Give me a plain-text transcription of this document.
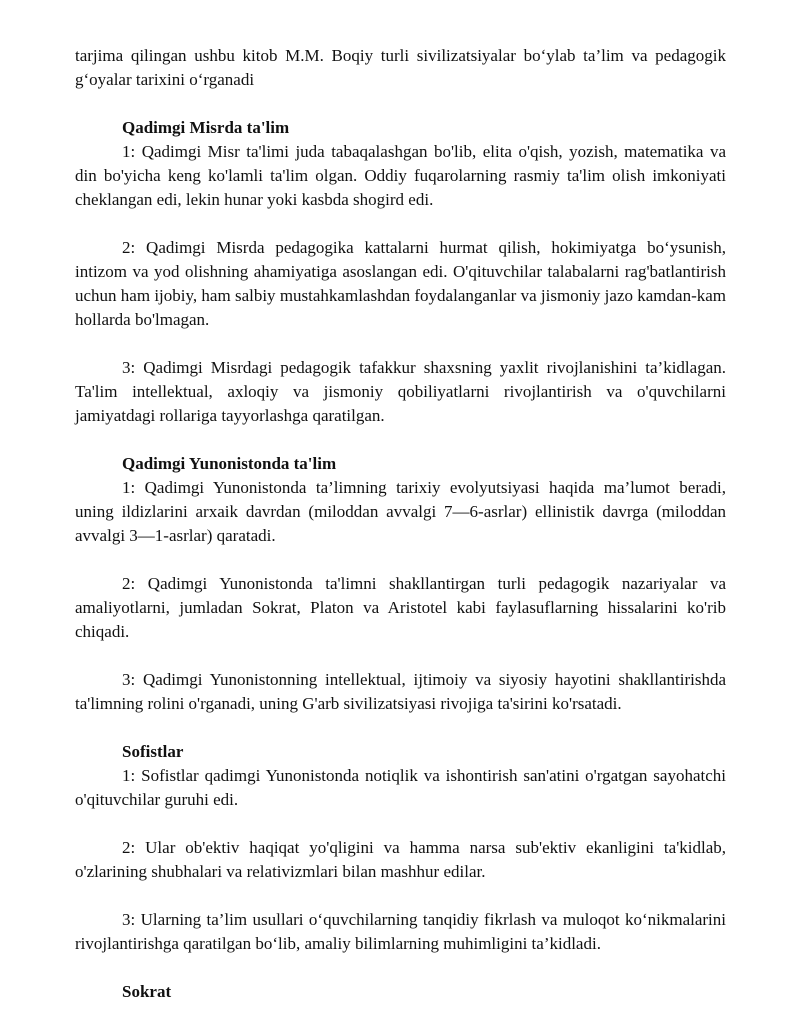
tarjima qilingan ushbu kitob M.M. Boqiy turli sivilizatsiyalar bo‘ylab ta’lim va pedagogik g‘oyalar tarixini o‘rganadi

Qadimgi Misrda ta'lim

1: Qadimgi Misr ta'limi juda tabaqalashgan bo'lib, elita o'qish, yozish, matematika va din bo'yicha keng ko'lamli ta'lim olgan. Oddiy fuqarolarning rasmiy ta'lim olish imkoniyati cheklangan edi, lekin hunar yoki kasbda shogird edi.

2: Qadimgi Misrda pedagogika kattalarni hurmat qilish, hokimiyatga bo‘ysunish, intizom va yod olishning ahamiyatiga asoslangan edi. O'qituvchilar talabalarni rag'batlantirish uchun ham ijobiy, ham salbiy mustahkamlashdan foydalanganlar va jismoniy jazo kamdan-kam hollarda bo'lmagan.

3: Qadimgi Misrdagi pedagogik tafakkur shaxsning yaxlit rivojlanishini ta’kidlagan. Ta'lim intellektual, axloqiy va jismoniy qobiliyatlarni rivojlantirish va o'quvchilarni jamiyatdagi rollariga tayyorlashga qaratilgan.

Qadimgi Yunonistonda ta'lim

1: Qadimgi Yunonistonda ta’limning tarixiy evolyutsiyasi haqida ma’lumot beradi, uning ildizlarini arxaik davrdan (miloddan avvalgi 7—6-asrlar) ellinistik davrga (miloddan avvalgi 3—1-asrlar) qaratadi.

2: Qadimgi Yunonistonda ta'limni shakllantirgan turli pedagogik nazariyalar va amaliyotlarni, jumladan Sokrat, Platon va Aristotel kabi faylasuflarning hissalarini ko'rib chiqadi.

3: Qadimgi Yunonistonning intellektual, ijtimoiy va siyosiy hayotini shakllantirishda ta'limning rolini o'rganadi, uning G'arb sivilizatsiyasi rivojiga ta'sirini ko'rsatadi.

Sofistlar

1: Sofistlar qadimgi Yunonistonda notiqlik va ishontirish san'atini o'rgatgan sayohatchi o'qituvchilar guruhi edi.

2: Ular ob'ektiv haqiqat yo'qligini va hamma narsa sub'ektiv ekanligini ta'kidlab, o'zlarining shubhalari va relativizmlari bilan mashhur edilar.

3: Ularning ta’lim usullari o‘quvchilarning tanqidiy fikrlash va muloqot ko‘nikmalarini rivojlantirishga qaratilgan bo‘lib, amaliy bilimlarning muhimligini ta’kidladi.

Sokrat
